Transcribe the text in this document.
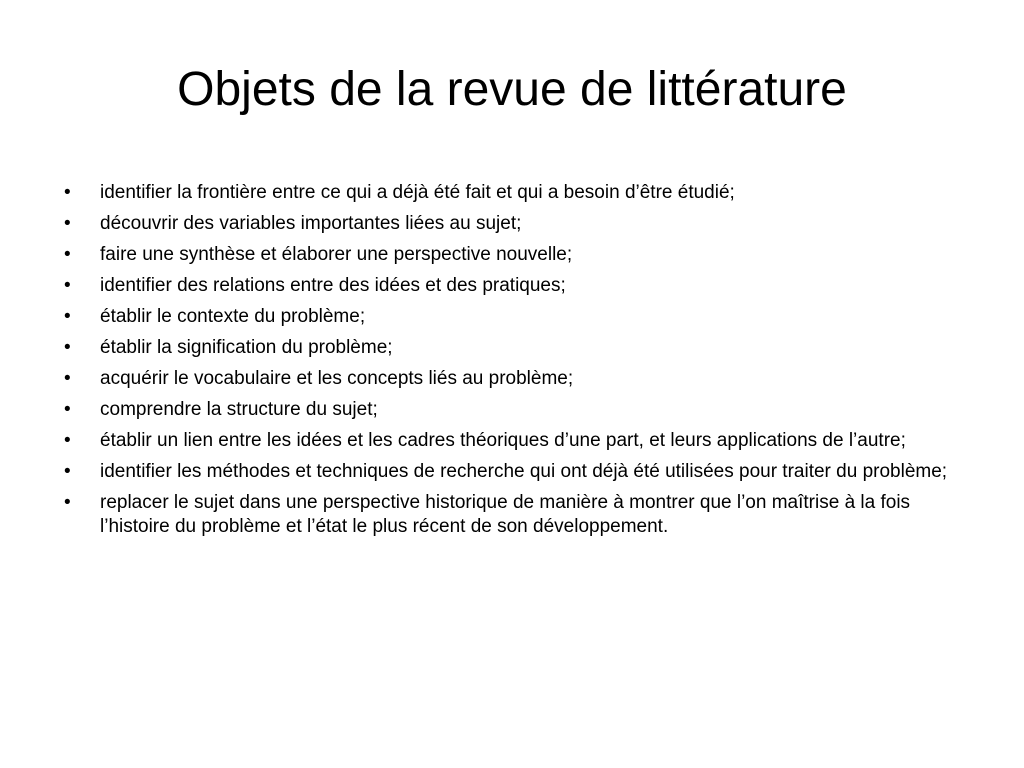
Objets de la revue de littérature
• identifier la frontière entre ce qui a déjà été fait et qui a besoin d’être étudié;
• découvrir des variables importantes liées au sujet;
• faire une synthèse et élaborer une perspective nouvelle;
• identifier des relations entre des idées et des pratiques;
• établir le contexte du problème;
• établir la signification du problème;
• acquérir le vocabulaire et les concepts liés au problème;
• comprendre la structure du sujet;
• établir un lien entre les idées et les cadres théoriques d’une part, et leurs applications de l’autre;
• identifier les méthodes et techniques de recherche qui ont déjà été utilisées pour traiter du problème;
• replacer le sujet dans une perspective historique de manière à montrer que l’on maîtrise à la fois l’histoire du problème et l’état le plus récent de son développement.
